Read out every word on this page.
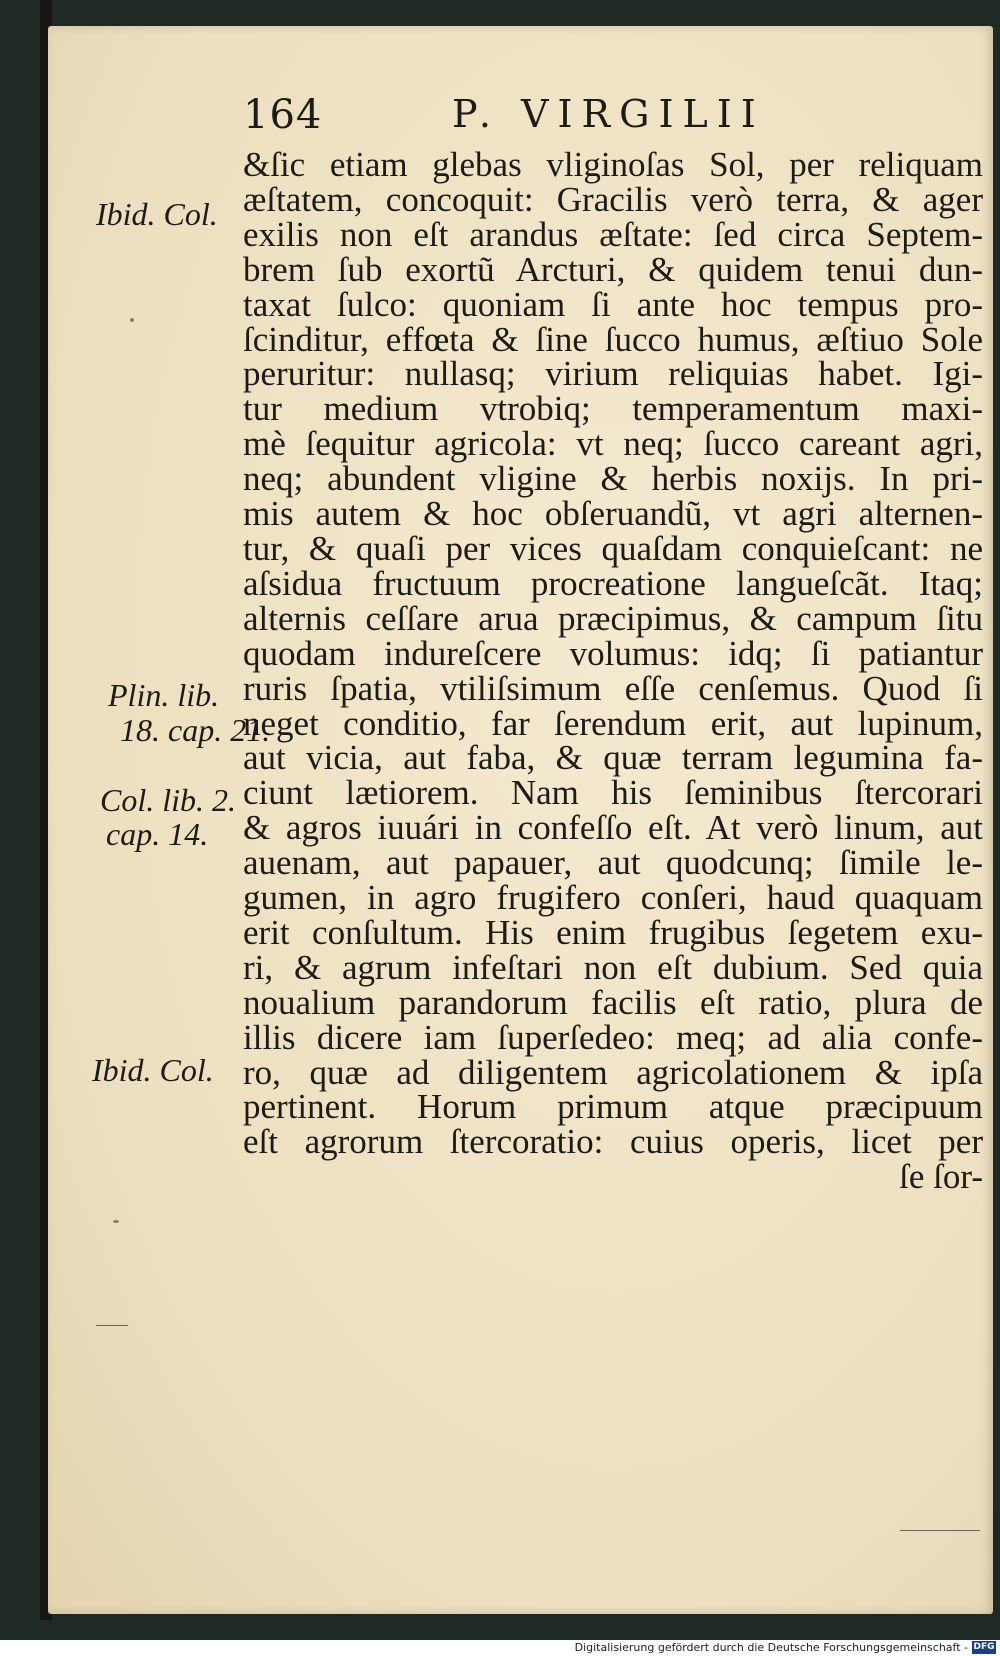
164	P. VIRGILII
&ſic etiam glebas vliginoſas Sol, per reliquam
æſtatem, concoquit: Gracilis verò terra, & ager
exilis non eſt arandus æſtate: ſed circa Septem-
brem ſub exortũ Arcturi, & quidem tenui dun-
taxat ſulco: quoniam ſi ante hoc tempus pro-
ſcinditur, effœta & ſine ſucco humus, æſtiuo Sole
peruritur: nullasq; virium reliquias habet. Igi-
tur medium vtrobiq; temperamentum maxi-
mè ſequitur agricola: vt neq; ſucco careant agri,
neq; abundent vligine & herbis noxijs. In pri-
mis autem & hoc obſeruandũ, vt agri alternen-
tur, & quaſi per vices quaſdam conquieſcant: ne
aſsidua fructuum procreatione langueſcãt. Itaq;
alternis ceſſare arua præcipimus, & campum ſitu
quodam indureſcere volumus: idq; ſi patiantur
ruris ſpatia, vtiliſsimum eſſe cenſemus. Quod ſi
neget conditio, far ſerendum erit, aut lupinum,
aut vicia, aut faba, & quæ terram legumina fa-
ciunt lætiorem. Nam his ſeminibus ſtercorari
& agros iuuári in confeſſo eſt. At verò linum, aut
auenam, aut papauer, aut quodcunq; ſimile le-
gumen, in agro frugifero conſeri, haud quaquam
erit conſultum. His enim frugibus ſegetem exu-
ri, & agrum infeſtari non eſt dubium. Sed quia
noualium parandorum facilis eſt ratio, plura de
illis dicere iam ſuperſedeo: meq; ad alia confe-
ro, quæ ad diligentem agricolationem & ipſa
pertinent. Horum primum atque præcipuum
eſt agrorum ſtercoratio: cuius operis, licet per
ſe ſor-
Ibid. Col.
Plin. lib.
18. cap. 21.
Col. lib. 2.
cap. 14.
Ibid. Col.
Digitalisierung gefördert durch die Deutsche Forschungsgemeinschaft - DFG
